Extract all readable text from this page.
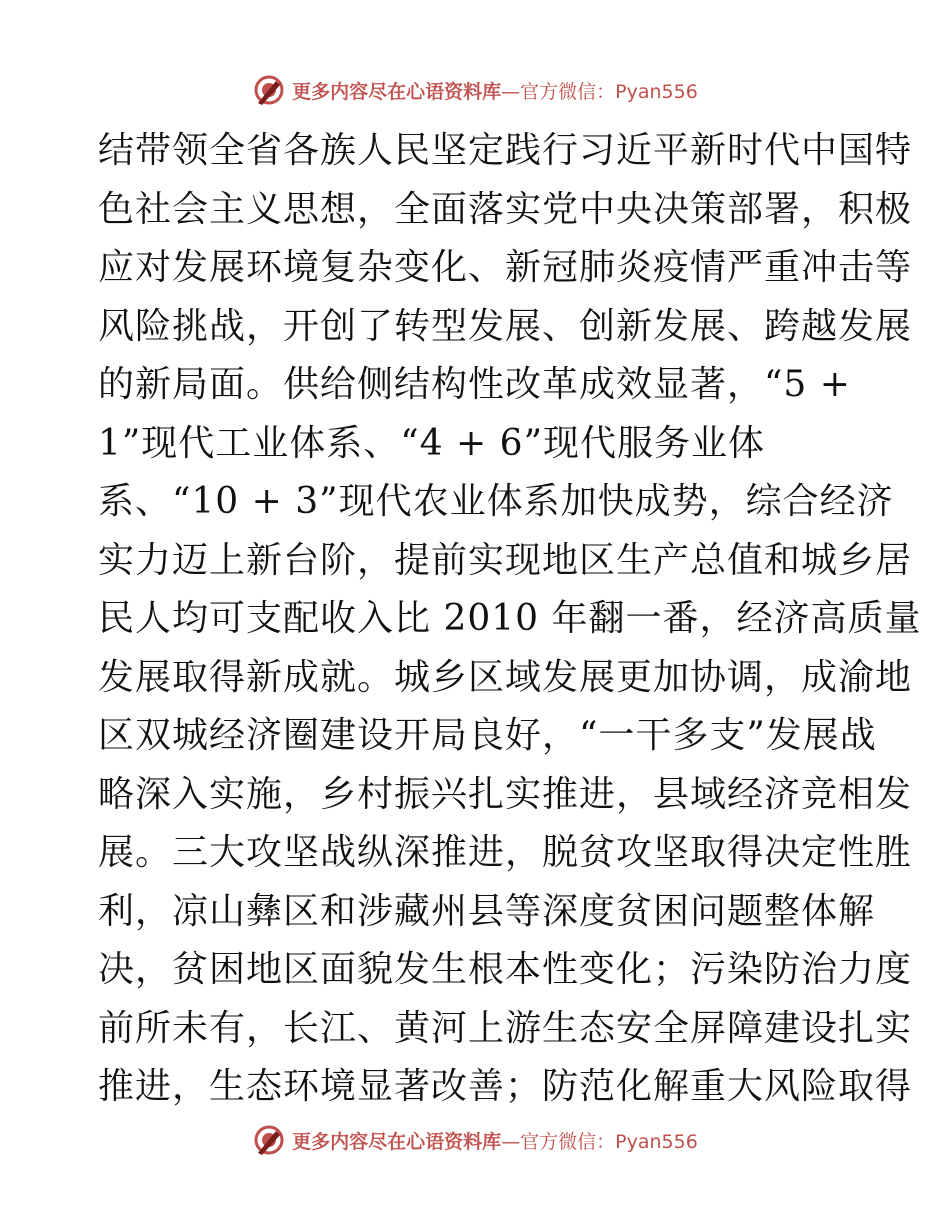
更多内容尽在心语资料库—官方微信：Pyan556
结带领全省各族人民坚定践行习近平新时代中国特
色社会主义思想，全面落实党中央决策部署，积极
应对发展环境复杂变化、新冠肺炎疫情严重冲击等
风险挑战，开创了转型发展、创新发展、跨越发展
的新局面。供给侧结构性改革成效显著，“5 +
1”现代工业体系、“4 + 6”现代服务业体
系、“10 + 3”现代农业体系加快成势，综合经济
实力迈上新台阶，提前实现地区生产总值和城乡居
民人均可支配收入比 2010 年翻一番，经济高质量
发展取得新成就。城乡区域发展更加协调，成渝地
区双城经济圈建设开局良好，“一干多支”发展战
略深入实施，乡村振兴扎实推进，县域经济竞相发
展。三大攻坚战纵深推进，脱贫攻坚取得决定性胜
利，凉山彝区和涉藏州县等深度贫困问题整体解
决，贫困地区面貌发生根本性变化；污染防治力度
前所未有，长江、黄河上游生态安全屏障建设扎实
推进，生态环境显著改善；防范化解重大风险取得
更多内容尽在心语资料库—官方微信：Pyan556
